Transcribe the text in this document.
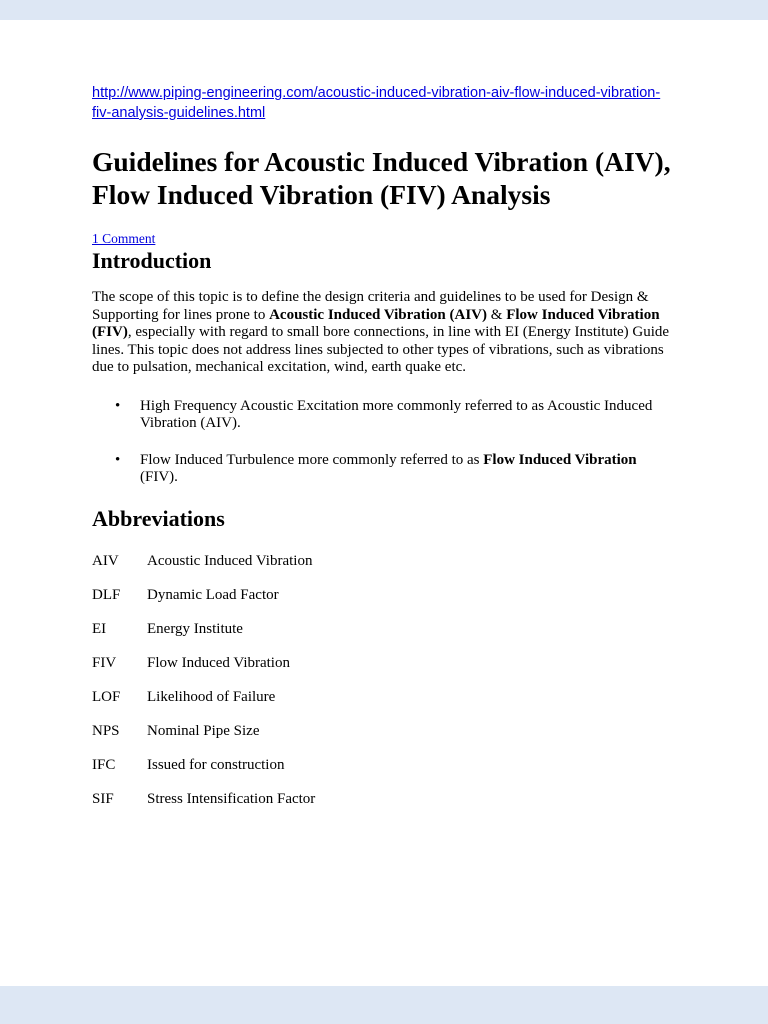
http://www.piping-engineering.com/acoustic-induced-vibration-aiv-flow-induced-vibration-fiv-analysis-guidelines.html
Guidelines for Acoustic Induced Vibration (AIV), Flow Induced Vibration (FIV) Analysis
1 Comment
Introduction

The scope of this topic is to define the design criteria and guidelines to be used for Design & Supporting for lines prone to Acoustic Induced Vibration (AIV) & Flow Induced Vibration (FIV), especially with regard to small bore connections, in line with EI (Energy Institute) Guide lines. This topic does not address lines subjected to other types of vibrations, such as vibrations due to pulsation, mechanical excitation, wind, earth quake etc.

•	High Frequency Acoustic Excitation more commonly referred to as Acoustic Induced Vibration (AIV).
•	Flow Induced Turbulence more commonly referred to as Flow Induced Vibration (FIV).
Abbreviations
AIV	Acoustic Induced Vibration
DLF	Dynamic Load Factor
EI	Energy Institute
FIV	Flow Induced Vibration
LOF	Likelihood of Failure
NPS	Nominal Pipe Size
IFC	Issued for construction
SIF	Stress Intensification Factor
